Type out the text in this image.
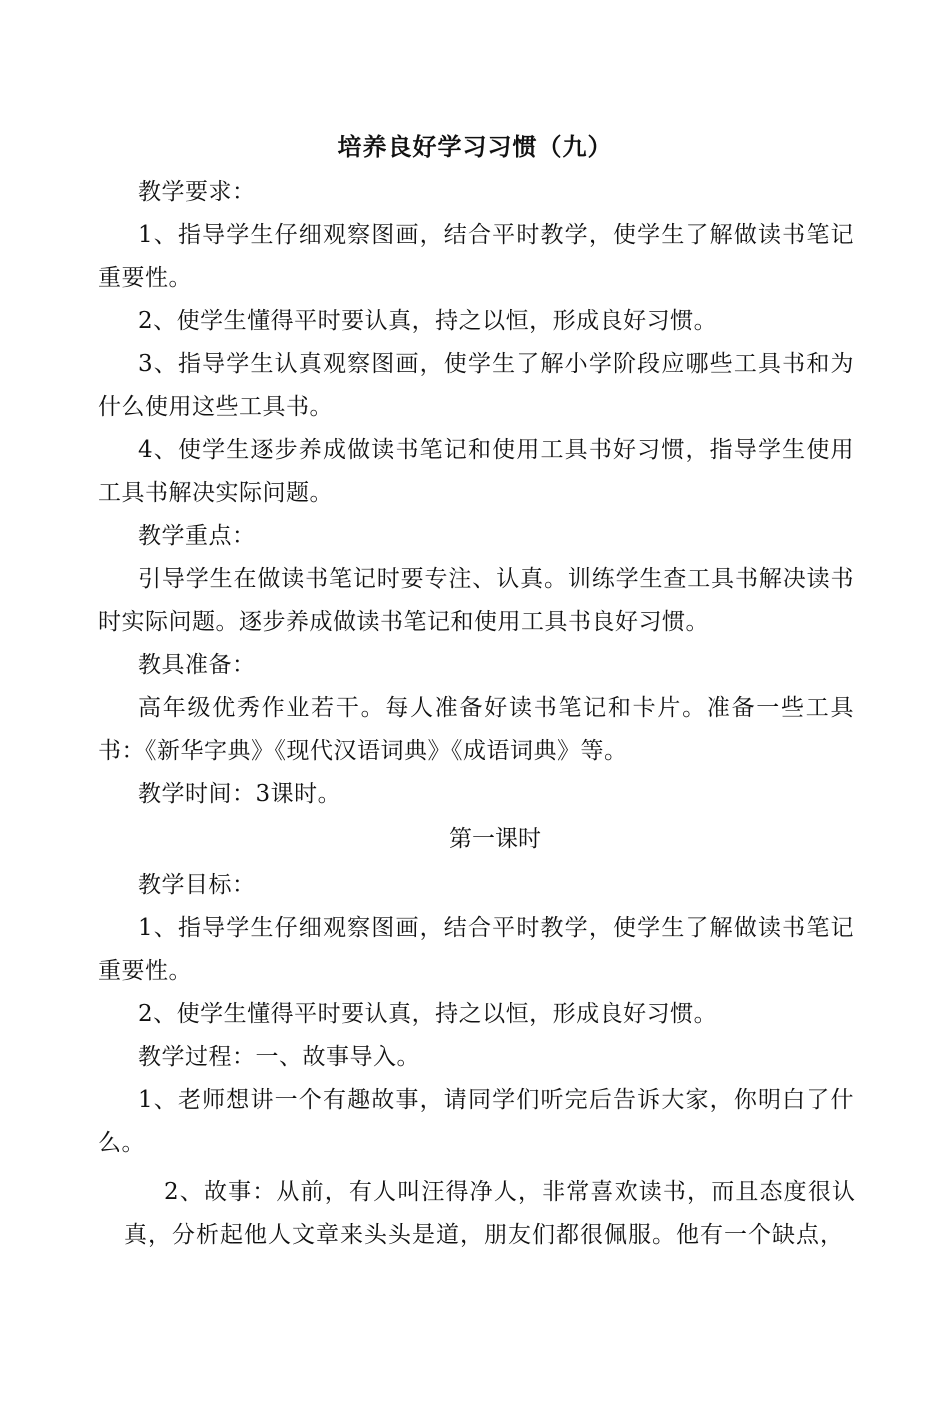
培养良好学习习惯（九）
教学要求：
1、指导学生仔细观察图画，结合平时教学，使学生了解做读书笔记重要性。
2、使学生懂得平时要认真，持之以恒，形成良好习惯。
3、指导学生认真观察图画，使学生了解小学阶段应哪些工具书和为什么使用这些工具书。
4、使学生逐步养成做读书笔记和使用工具书好习惯，指导学生使用工具书解决实际问题。
教学重点：
引导学生在做读书笔记时要专注、认真。训练学生查工具书解决读书时实际问题。逐步养成做读书笔记和使用工具书良好习惯。
教具准备：
高年级优秀作业若干。每人准备好读书笔记和卡片。准备一些工具书：《新华字典》《现代汉语词典》《成语词典》等。
教学时间：3课时。
第一课时
教学目标：
1、指导学生仔细观察图画，结合平时教学，使学生了解做读书笔记重要性。
2、使学生懂得平时要认真，持之以恒，形成良好习惯。
教学过程：一、故事导入。
1、老师想讲一个有趣故事，请同学们听完后告诉大家，你明白了什么。
2、故事：从前，有人叫汪得净人，非常喜欢读书，而且态度很认真，分析起他人文章来头头是道，朋友们都很佩服。他有一个缺点，
